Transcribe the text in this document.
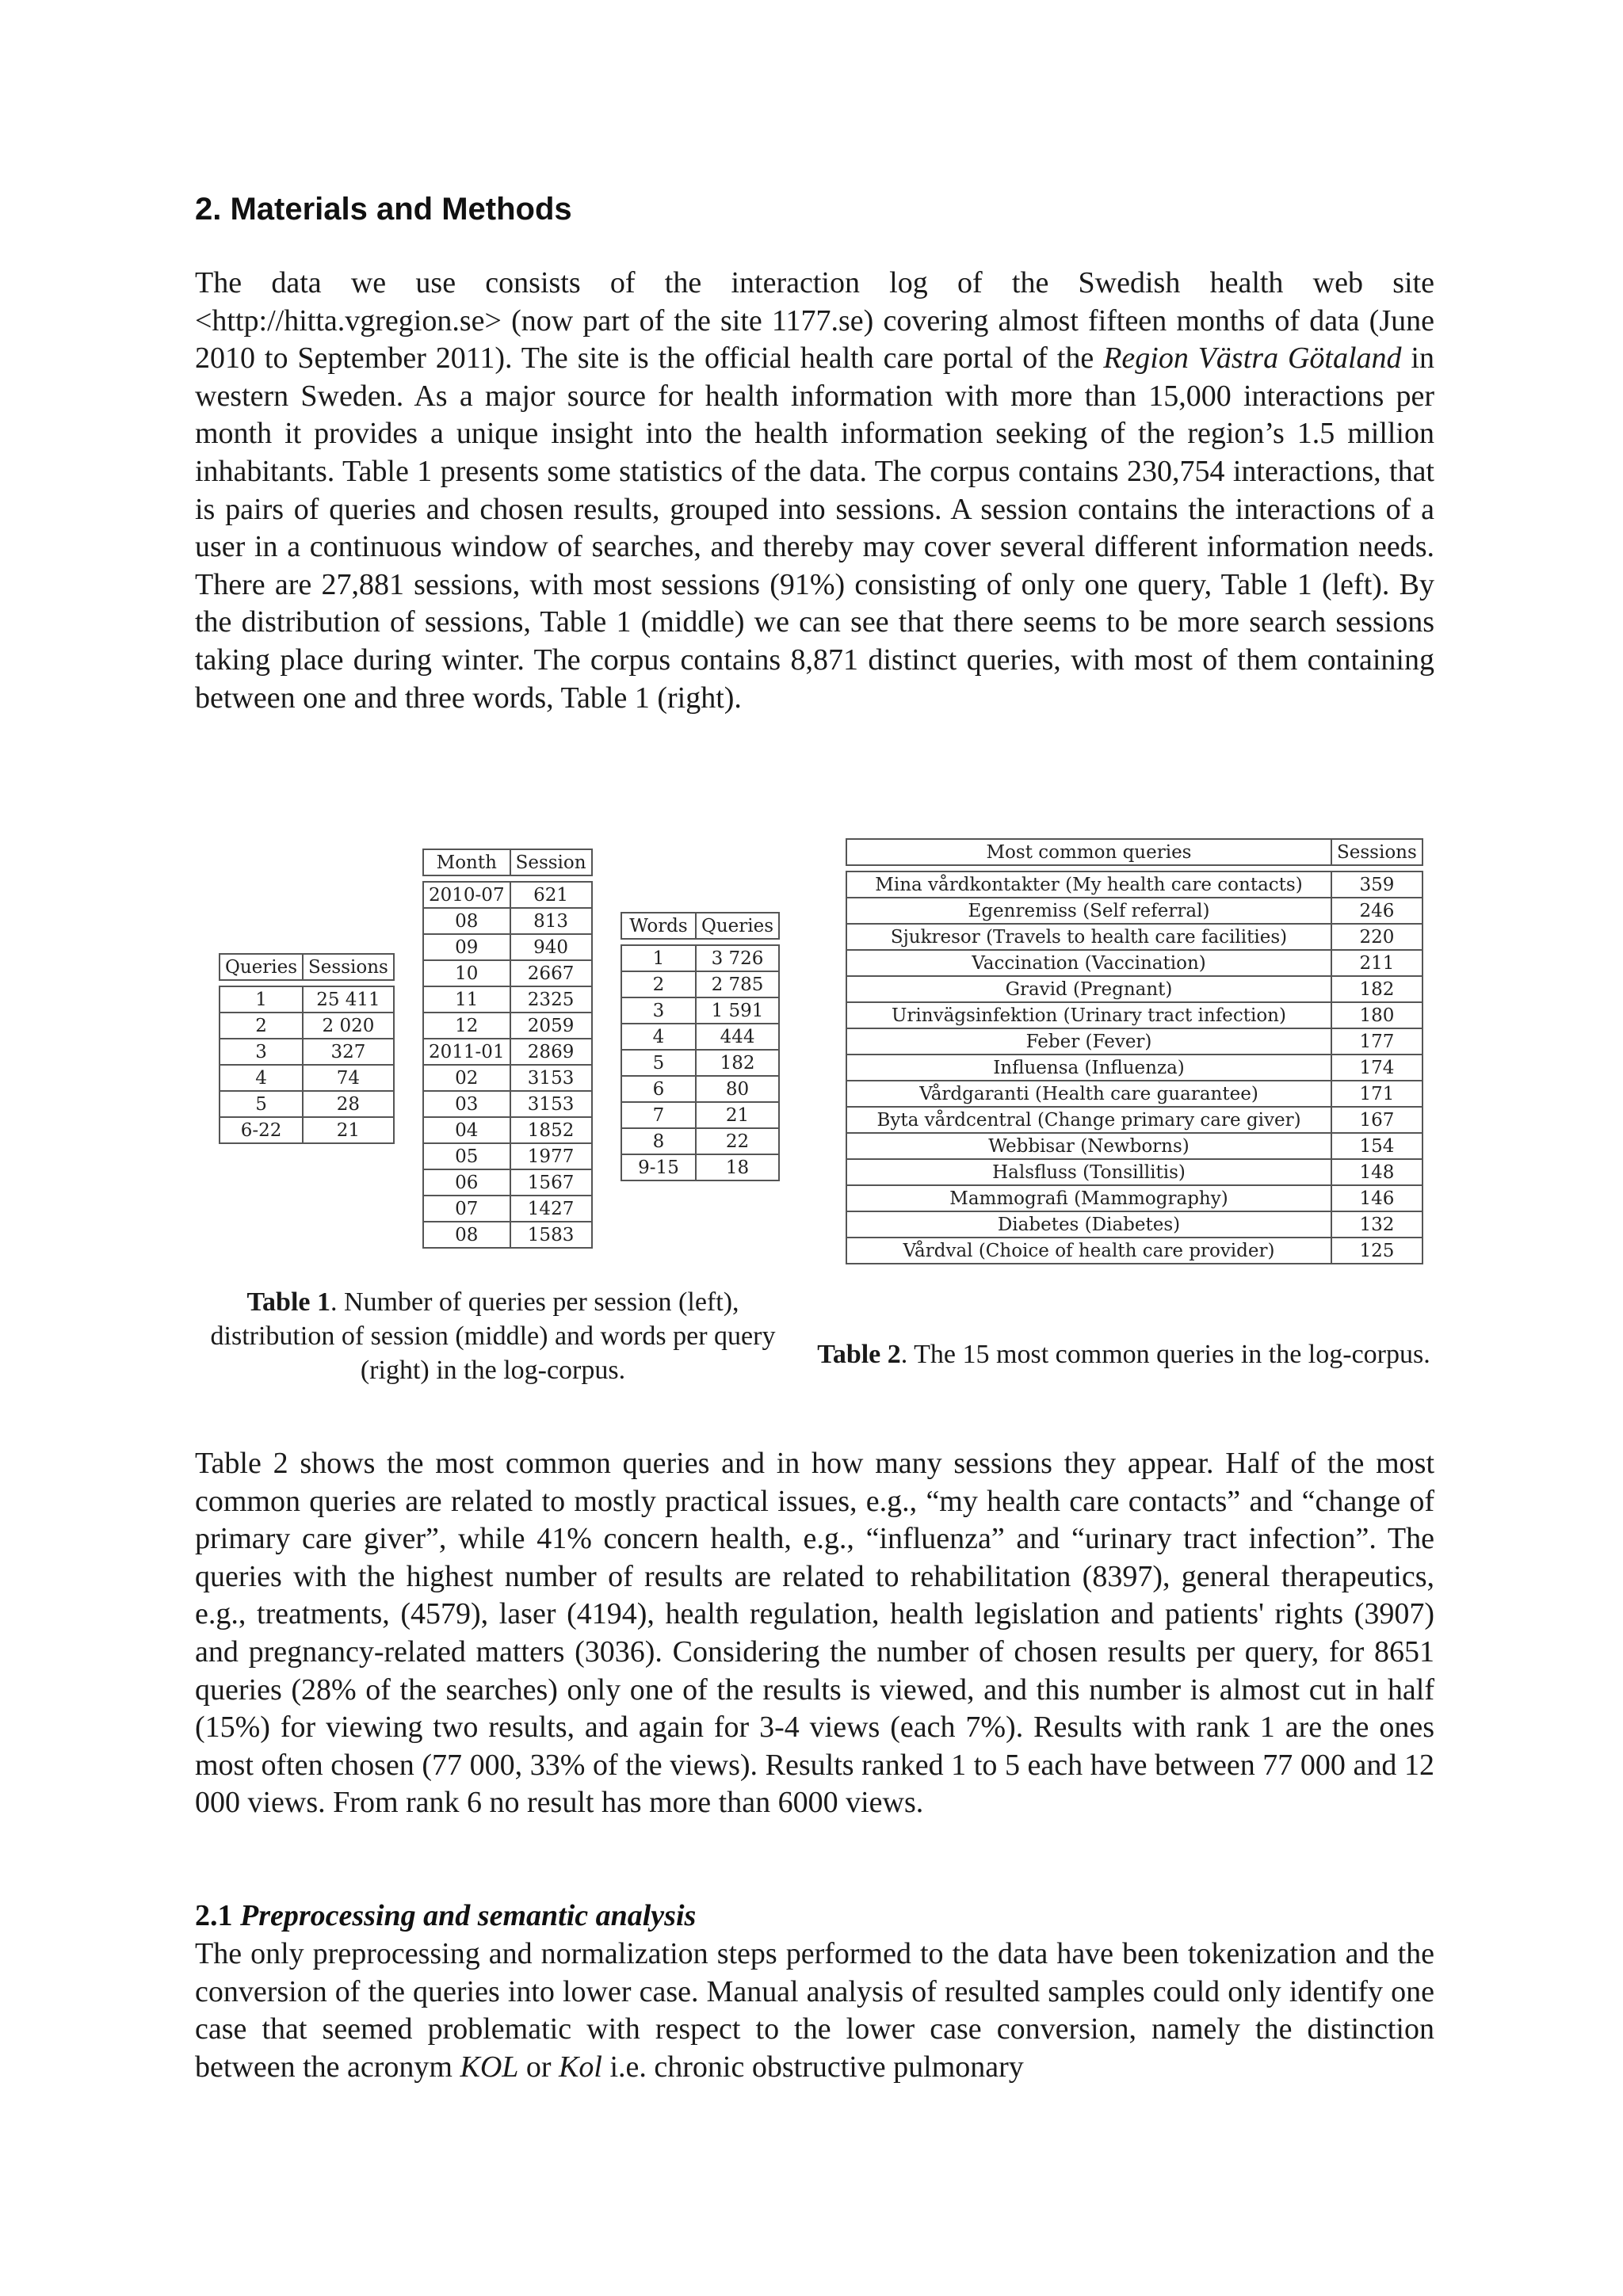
2. Materials and Methods

The data we use consists of the interaction log of the Swedish health web site <http://hitta.vgregion.se> (now part of the site 1177.se) covering almost fifteen months of data (June 2010 to September 2011). The site is the official health care portal of the Region Västra Götaland in western Sweden. As a major source for health information with more than 15,000 interactions per month it provides a unique insight into the health information seeking of the region’s 1.5 million inhabitants. Table 1 presents some statistics of the data. The corpus contains 230,754 interactions, that is pairs of queries and chosen results, grouped into sessions. A session contains the interactions of a user in a continuous window of searches, and thereby may cover several different information needs. There are 27,881 sessions, with most sessions (91%) consisting of only one query, Table 1 (left). By the distribution of sessions, Table 1 (middle) we can see that there seems to be more search sessions taking place during winter. The corpus contains 8,871 distinct queries, with most of them containing between one and three words, Table 1 (right).

Queries	Sessions

1	25 411
2	2 020
3	327
4	74
5	28
6-22	21
Month	Session

2010-07	621
08	813
09	940
10	2667
11	2325
12	2059
2011-01	2869
02	3153
03	3153
04	1852
05	1977
06	1567
07	1427
08	1583
Words	Queries

1	3 726
2	2 785
3	1 591
4	444
5	182
6	80
7	21
8	22
9-15	18
Most common queries	Sessions

Mina vårdkontakter (My health care contacts)	359
Egenremiss (Self referral)	246
Sjukresor (Travels to health care facilities)	220
Vaccination (Vaccination)	211
Gravid (Pregnant)	182
Urinvägsinfektion (Urinary tract infection)	180
Feber (Fever)	177
Influensa (Influenza)	174
Vårdgaranti (Health care guarantee)	171
Byta vårdcentral (Change primary care giver)	167
Webbisar (Newborns)	154
Halsfluss (Tonsillitis)	148
Mammografi (Mammography)	146
Diabetes (Diabetes)	132
Vårdval (Choice of health care provider)	125

Table 1. Number of queries per session (left), distribution of session (middle) and words per query (right) in the log-corpus.

Table 2. The 15 most common queries in the log-corpus.

Table 2 shows the most common queries and in how many sessions they appear. Half of the most common queries are related to mostly practical issues, e.g., “my health care contacts” and “change of primary care giver”, while 41% concern health, e.g., “influenza” and “urinary tract infection”. The queries with the highest number of results are related to rehabilitation (8397), general therapeutics, e.g., treatments, (4579), laser (4194), health regulation, health legislation and patients' rights (3907) and pregnancy-related matters (3036). Considering the number of chosen results per query, for 8651 queries (28% of the searches) only one of the results is viewed, and this number is almost cut in half (15%) for viewing two results, and again for 3-4 views (each 7%). Results with rank 1 are the ones most often chosen (77 000, 33% of the views). Results ranked 1 to 5 each have between 77 000 and 12 000 views. From rank 6 no result has more than 6000 views.

2.1 Preprocessing and semantic analysis

The only preprocessing and normalization steps performed to the data have been tokenization and the conversion of the queries into lower case. Manual analysis of resulted samples could only identify one case that seemed problematic with respect to the lower case conversion, namely the distinction between the acronym KOL or Kol i.e. chronic obstructive pulmonary
